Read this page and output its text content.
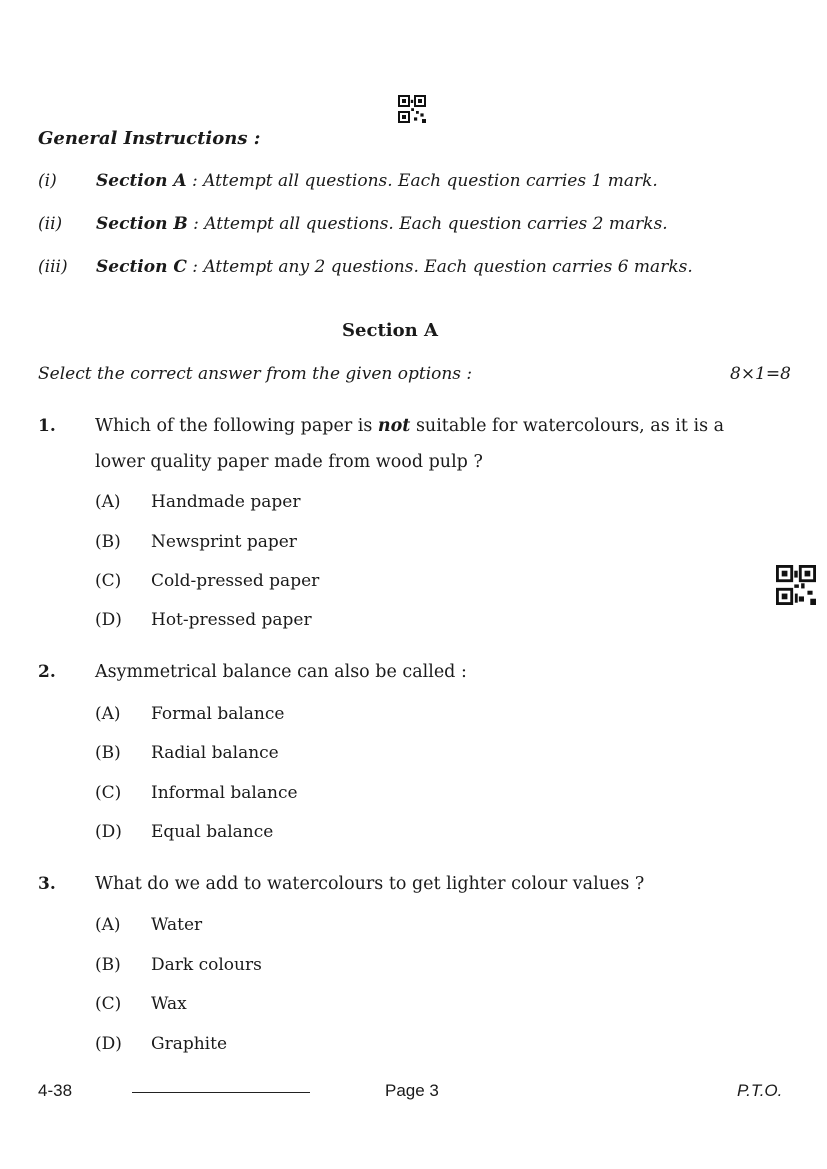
General Instructions :
(i) Section A : Attempt all questions. Each question carries 1 mark.
(ii) Section B : Attempt all questions. Each question carries 2 marks.
(iii) Section C : Attempt any 2 questions. Each question carries 6 marks.
Section A
Select the correct answer from the given options :	8×1=8
1. Which of the following paper is not suitable for watercolours, as it is a lower quality paper made from wood pulp ?
(A) Handmade paper
(B) Newsprint paper
(C) Cold-pressed paper
(D) Hot-pressed paper
2. Asymmetrical balance can also be called :
(A) Formal balance
(B) Radial balance
(C) Informal balance
(D) Equal balance
3. What do we add to watercolours to get lighter colour values ?
(A) Water
(B) Dark colours
(C) Wax
(D) Graphite
4-38	Page 3	P.T.O.
